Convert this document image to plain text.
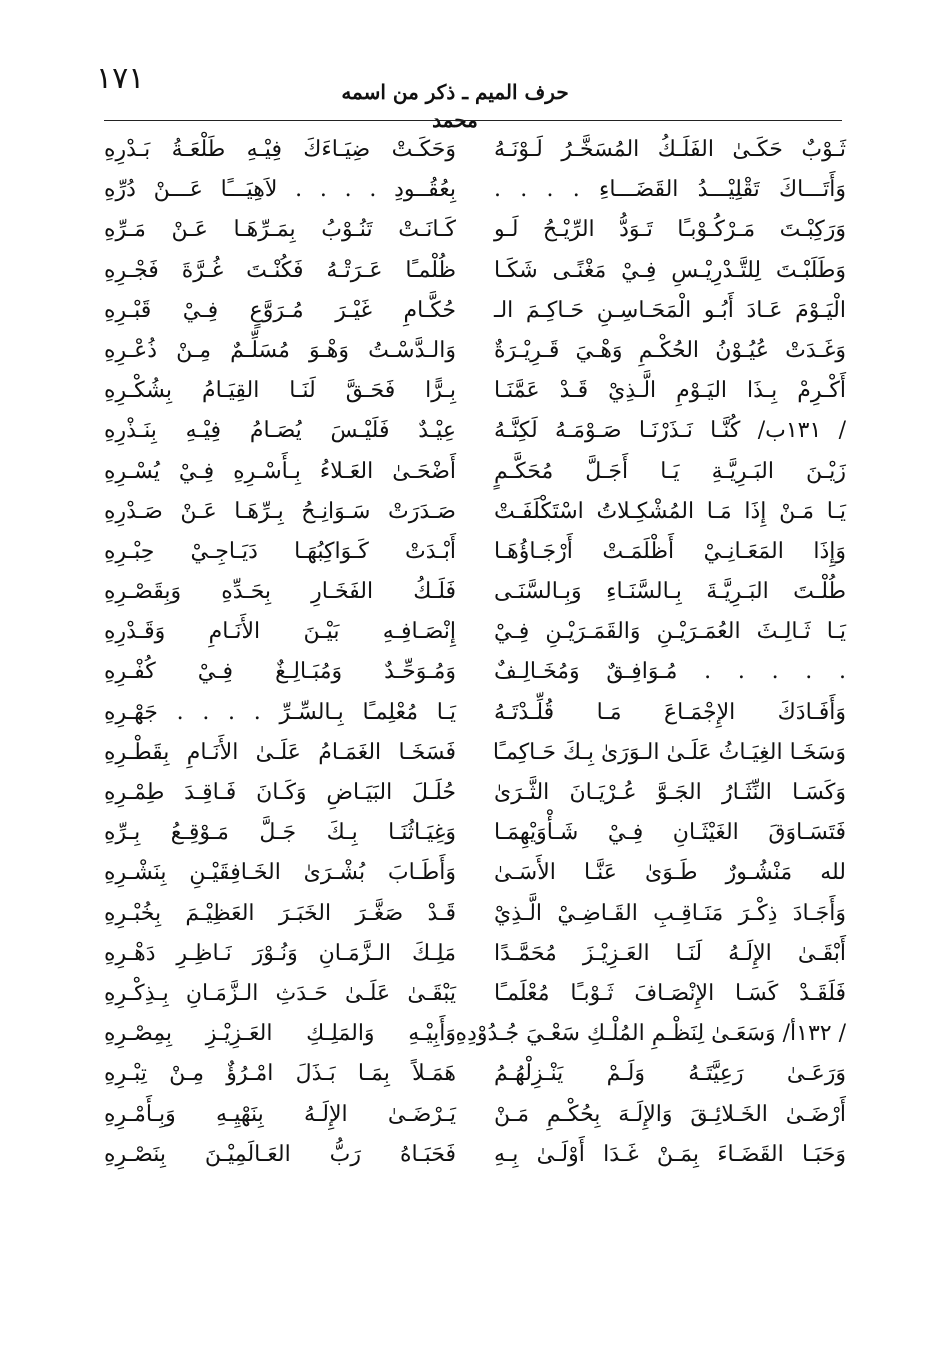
١٧١	حرف الميم ـ ذكر من اسمه محمد
ثَـوْبٌ حَكَـىٰ الفَلَـكُ المُسَخَّـرُ لَـوْنَـهُ
وَأَتَـــاكَ تَقْلِيْـــدُ القَضَـــاءِ . . . .
وَرَكِبْـتَ مَـرْكُـوْبـًا تَـوَدُّ الرِّيْـحُ لَـو
وَطَلَبْـتَ لِلتَّـدْرِيْـسِ فِـيْ مَغْنًـى شَكَـا
الْيَـوْمَ عَـادَ أَبُـو الْمَحَـاسِـنِ حَـاكِـمَ الـ
وَغَـدَتْ عُيُـوْنُ الحُكْـمِ وَهْـيَ قَـرِيْـرَةٌ
أَكْـرِمْ بِـذَا اليَـوْمِ الَّـذِيْ قَـدْ عَمَّنَـا
/ ١٣١ب/ كُنَّـا نَـذَرْنَـا صَـوْمَـهُ لَكِنَّـهُ
زَيْـنَ البَـرِيَّـةِ يَـا أَجَـلَّ مُحَكَّـمٍ
يَـا مَـنْ إِذَا مَـا المُشْكِـلاتُ اسْتَكْلَفَـتْ
وَإِذَا المَعَـانِـيْ أَظْلَمَـتْ أَرْجَـاؤُهَـا
طُلْـتَ البَـرِيَّـةَ بِـالسَّنَـاءِ وَبِـالسَّنَـى
يَـا ثَـالِـثَ العُمَـرَيْـنِ وَالقَمَـرَيْـنِ فِـيْ
. . . . . مُـوَافِـقٌ وَمُخَـالِـفٌ
وَأَفَـادَكَ الإِجْمَـاعَ مَـا قُلِّـدْتَـهُ
وَسَخَـا الغِيَـاثُ عَلَـىٰ الـوَرَىٰ بِـكَ حَـاكِمـًا
وَكَسَـا النِّثَـارُ الجَـوَّ عُـرْيَـانَ الثَّـرَىٰ
فَتَسَـاوَقَ الغَيْثَـانِ فِـيْ شَـأْوَيْهِمَـا
لله مَنْشُـورٌ طَـوَىٰ عَنَّـا الأَسَـىٰ
وَأَجَـادَ ذِكْـرَ مَنَـاقِـبِ القَـاضِـيْ الَّـذِيْ
أَبْقَـىٰ الإِلَـهُ لَنَـا العَـزِيْـزَ مُحَمَّـدًا
فَلَقَـدْ كَسَـا الإِنْصَـافَ ثَـوْبـًا مُعْلَمـًا
/ ١٣٢أ/ وَسَعَـىٰ لِنَظْـمِ المُلْـكِ سَعْـيَ جُـدُوْدِهِ
وَرَعَـىٰ رَعِيَّتَـهُ وَلَـمْ يَنْـزِلْهُـمُ
أَرْضَـىٰ الخَـلائِـقَ وَالإِلَـهَ بِحُكْـمِ مَـنْ
وَحَبَـا القَضَـاءَ بِمَـنْ غَـدَا أَوْلَـىٰ بِـهِ
وَحَكَـتْ ضِيَـاءَكَ فِيْـهِ طَلْعَـةُ بَـدْرِهِ
بِعُقُــودِ . . . . لاَهِيَـــًا عَـــنْ دُرِّهِ
كَـانَـتْ تَنُـوْبُ بِمَـرِّهَـا عَـنْ مَـرِّهِ
ظُلْمـًا عَـرَتْـهُ فَكُنْـتَ غُـرَّةَ فَجْـرِهِ
حُكَّـامِ غَيْـرَ مُـرَوَّعٍ فِـيْ قَبْـرِهِ
وَالـدَّسْـتُ وَهْـوَ مُسَلِّـمٌ مِـنْ ذُعْـرِهِ
بِـرًّا فَحَـقَّ لَنَـا القِيَـامُ بِشُكْـرِهِ
عِيْـدٌ فَلَيْـسَ يُصَـامُ فِيْـهِ بِنَـذْرِهِ
أَضْحَـىٰ العَـلاءُ بِـأَسْـرِهِ فِـيْ يُسْـرِهِ
صَـدَرَتْ سَـوَانِـحُ بِـرِّهَـا عَـنْ صَـدْرِهِ
أَبْـدَتْ كَـوَاكِبُهَـا دَيَـاجِـيْ حِبْـرِهِ
فَلَـكُ الفَخَـارِ بِحَـدِّهِ وَبِقَصْـرِهِ
إِنْصَـافِـهِ بَيْـنَ الأَنَـامِ وَقَـدْرِهِ
وَمُـوَحِّـدٌ وَمُبَـالِـغٌ فِـيْ كُفْـرِهِ
يَـا مُعْلِمـًا بِـالسِّـرِّ . . . . جَهْـرِهِ
فَسَخَـا الغَمَـامُ عَلَـىٰ الأَنَـامِ بِقَطْـرِهِ
حُلَـلَ البَيَـاضِ وَكَـانَ فَـاقِـدَ طِمْـرِهِ
وَغِيَـاثُنَـا بِـكَ جَـلَّ مَـوْقِـعُ بِـرِّهِ
وَأَطَـابَ بُشْـرَىٰ الخَـافِقَيْـنِ بِنَشْـرِهِ
قَـدْ صَغَّـرَ الخَبَـرَ العَظِيْـمَ بِخُبْـرِهِ
مَلِـكَ الـزَّمَـانِ وَنُـوْرَ نَـاظِـرِ دَهْـرِهِ
يَبْقَـىٰ عَلَـىٰ حَـدَثِ الـزَّمَـانِ بِـذِكْـرِهِ
وَأَبِيْـهِ وَالمَلِـكِ العَـزِيْـزِ بِمِصْـرِهِ
هَمَـلاً بِمَـا بَـذَلَ امْـرُؤٌ مِـنْ تِبْـرِهِ
يَـرْضَـىٰ الإِلَـهُ بِنَهْيِـهِ وَبِـأَمْـرِهِ
فَحَبَـاهُ رَبُّ العَـالَمِيْـنَ بِنَصْـرِهِ
